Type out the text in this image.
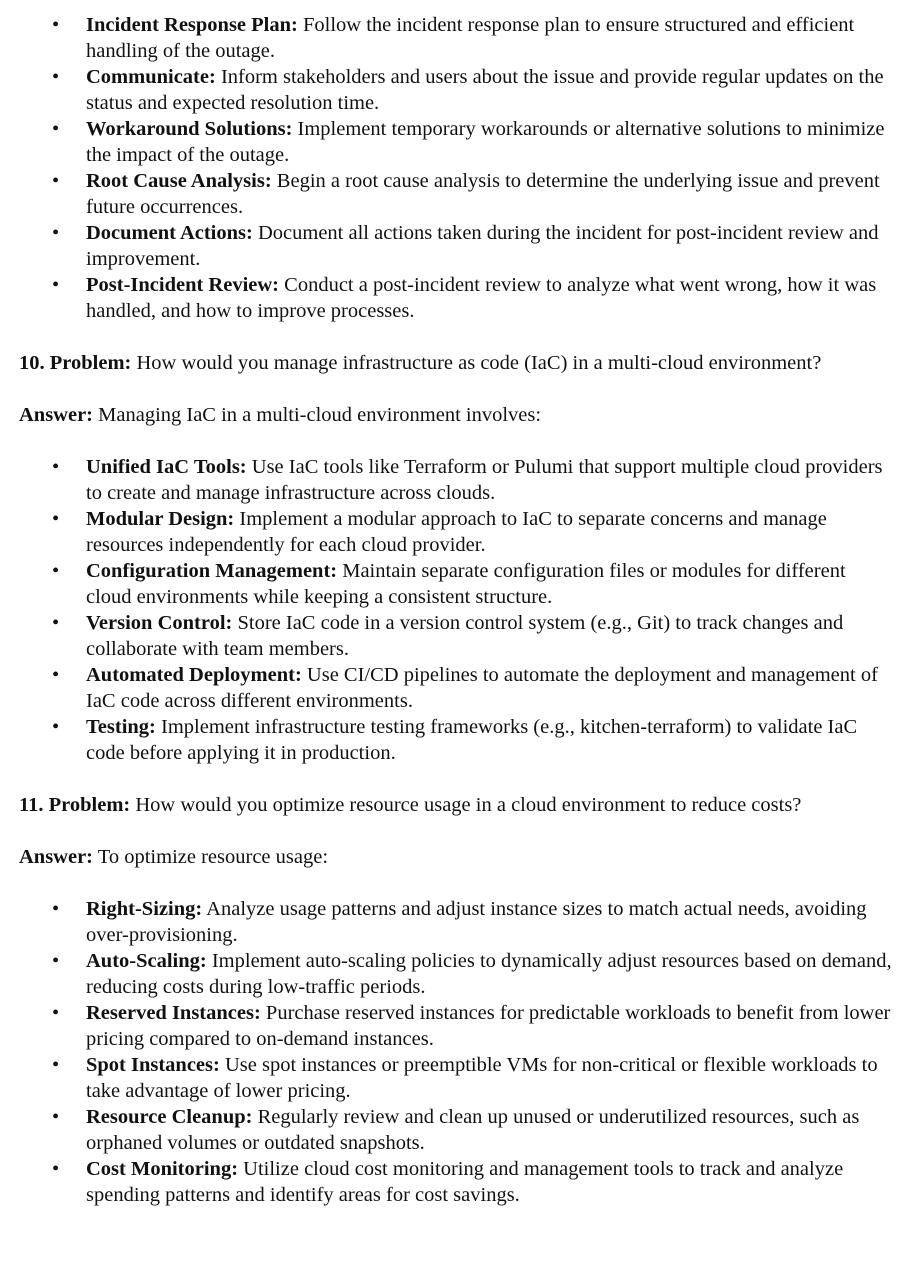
• Incident Response Plan: Follow the incident response plan to ensure structured and efficient handling of the outage.
• Communicate: Inform stakeholders and users about the issue and provide regular updates on the status and expected resolution time.
• Workaround Solutions: Implement temporary workarounds or alternative solutions to minimize the impact of the outage.
• Root Cause Analysis: Begin a root cause analysis to determine the underlying issue and prevent future occurrences.
• Document Actions: Document all actions taken during the incident for post-incident review and improvement.
• Post-Incident Review: Conduct a post-incident review to analyze what went wrong, how it was handled, and how to improve processes.

10. Problem: How would you manage infrastructure as code (IaC) in a multi-cloud environment?

Answer: Managing IaC in a multi-cloud environment involves:

• Unified IaC Tools: Use IaC tools like Terraform or Pulumi that support multiple cloud providers to create and manage infrastructure across clouds.
• Modular Design: Implement a modular approach to IaC to separate concerns and manage resources independently for each cloud provider.
• Configuration Management: Maintain separate configuration files or modules for different cloud environments while keeping a consistent structure.
• Version Control: Store IaC code in a version control system (e.g., Git) to track changes and collaborate with team members.
• Automated Deployment: Use CI/CD pipelines to automate the deployment and management of IaC code across different environments.
• Testing: Implement infrastructure testing frameworks (e.g., kitchen-terraform) to validate IaC code before applying it in production.

11. Problem: How would you optimize resource usage in a cloud environment to reduce costs?

Answer: To optimize resource usage:

• Right-Sizing: Analyze usage patterns and adjust instance sizes to match actual needs, avoiding over-provisioning.
• Auto-Scaling: Implement auto-scaling policies to dynamically adjust resources based on demand, reducing costs during low-traffic periods.
• Reserved Instances: Purchase reserved instances for predictable workloads to benefit from lower pricing compared to on-demand instances.
• Spot Instances: Use spot instances or preemptible VMs for non-critical or flexible workloads to take advantage of lower pricing.
• Resource Cleanup: Regularly review and clean up unused or underutilized resources, such as orphaned volumes or outdated snapshots.
• Cost Monitoring: Utilize cloud cost monitoring and management tools to track and analyze spending patterns and identify areas for cost savings.
